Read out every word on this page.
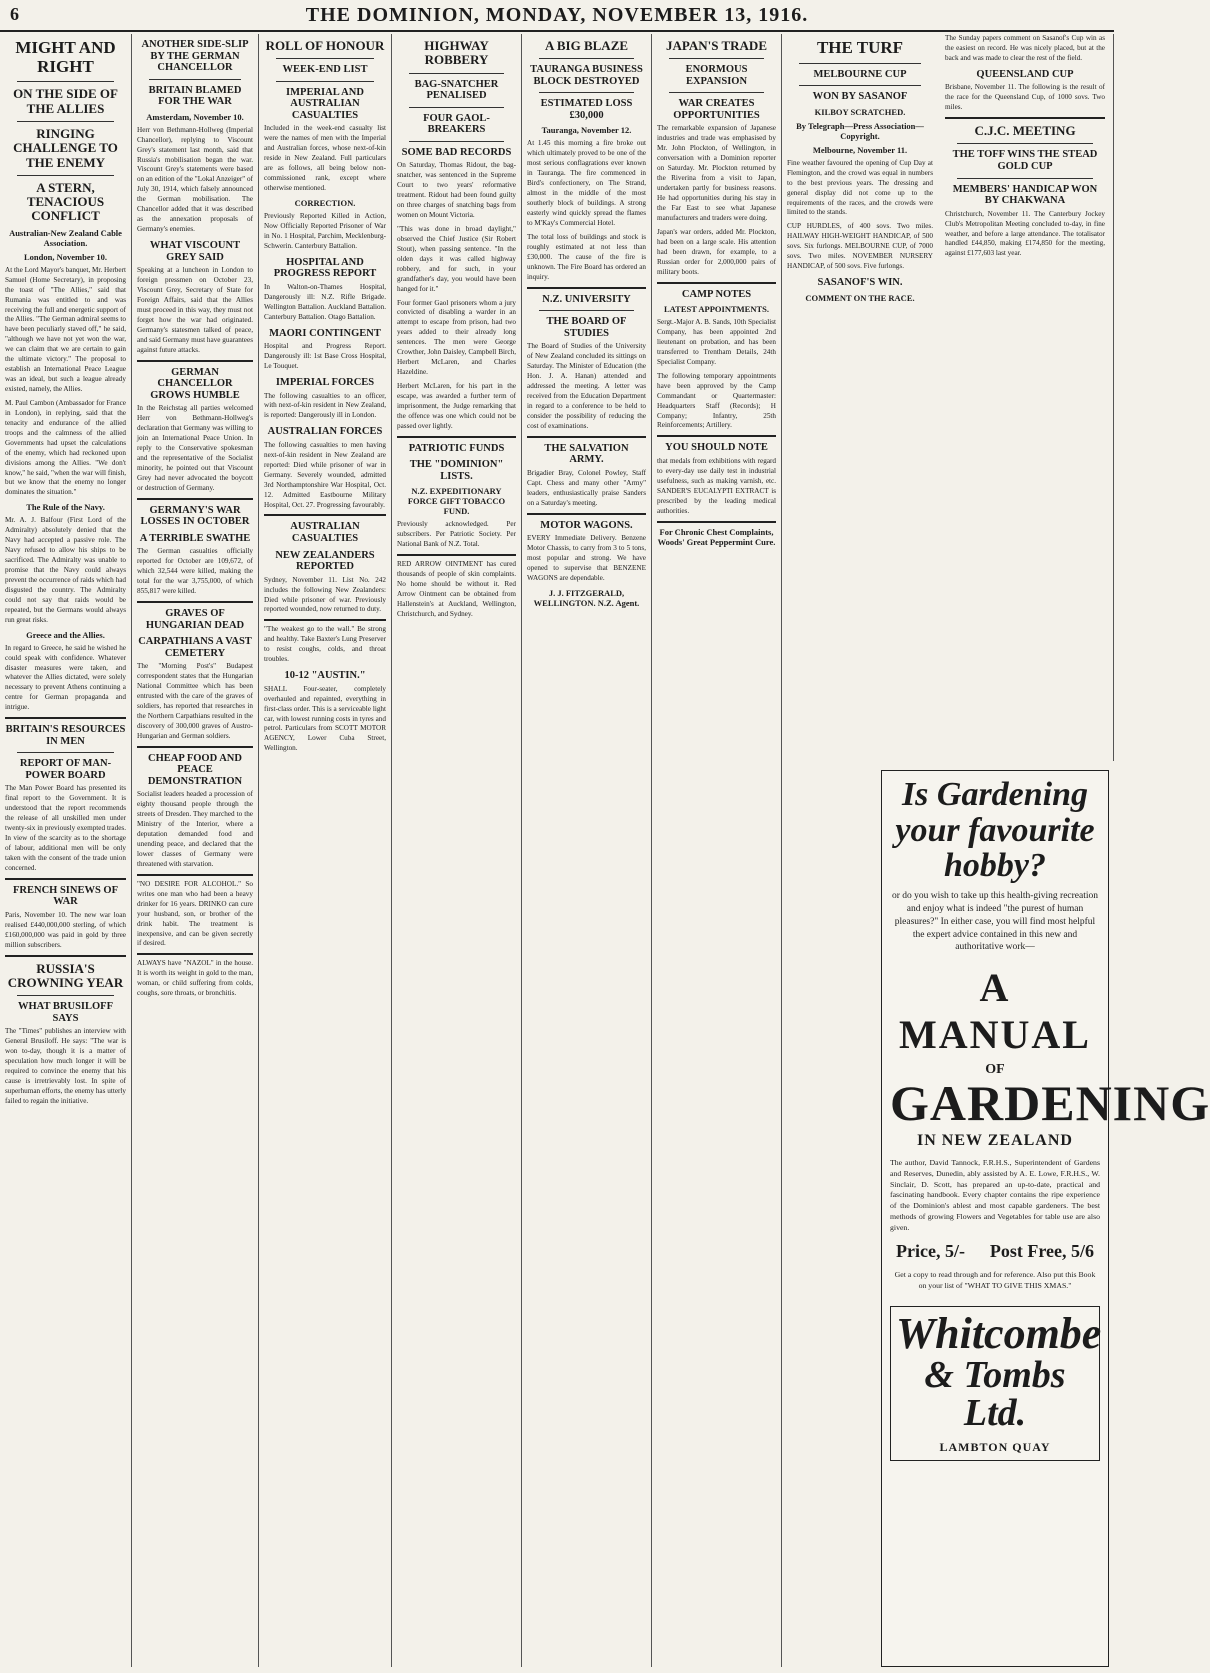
6	THE DOMINION, MONDAY, NOVEMBER 13, 1916.
MIGHT AND RIGHT
ON THE SIDE OF THE ALLIES
RINGING CHALLENGE TO THE ENEMY
A STERN, TENACIOUS CONFLICT
Australian-New Zealand Cable Association.
London, November 10.

At the Lord Mayor's banquet, Mr. Herbert Samuel (Home Secretary), in proposing the toast of "The Allies," said that Rumania was entitled to and was receiving the full and energetic support of the Allies. "The German admiral seems to have been peculiarly staved off," he said, "although we have not yet won the war, we can claim that we are certain to gain the ultimate victory." The proposal to establish an International Peace League was an ideal, but such a league already existed, namely, the Allies.

M. Paul Cambon (Ambassador for France in London), in replying, said that the tenacity and endurance of the allied troops and the calmness of the allied Governments had upset the calculations of the enemy, which had reckoned upon divisions among the Allies. "We don't know," he said, "when the war will finish, but we know that the enemy no longer dominates the situation."

The Rule of the Navy.

Mr. A. J. Balfour (First Lord of the Admiralty) absolutely denied that the Navy had accepted a passive role. The Navy refused to allow his ships to be sacrificed. The Admiralty was unable to promise that the Navy could always prevent the occurrence of raids which had disgusted the country. The Admiralty could not say that raids would be repeated, but the Germans would always run great risks.

Greece and the Allies.

In regard to Greece, he said he wished he could speak with confidence. Whatever disaster measures were taken, and whatever the Allies dictated, were solely necessary to prevent Athens continuing a centre for German propaganda and intrigue.

BRITAIN'S RESOURCES IN MEN
REPORT OF MAN-POWER BOARD

The Man Power Board has presented its final report to the Government. It is understood that the report recommends the release of all unskilled men under twenty-six in previously exempted trades. In view of the scarcity as to the shortage of labour, additional men will be only taken with the consent of the trade union concerned.

FRENCH SINEWS OF WAR

Paris, November 10. The new war loan realised £440,000,000 sterling, of which £160,000,000 was paid in gold by three million subscribers.

RUSSIA'S CROWNING YEAR
WHAT BRUSILOFF SAYS

The "Times" publishes an interview with General Brusiloff. He says: "The war is won to-day, though it is a matter of speculation how much longer it will be required to convince the enemy that his cause is irretrievably lost. In spite of superhuman efforts, the enemy has utterly failed to regain the initiative.

ANOTHER SIDE-SLIP BY THE GERMAN CHANCELLOR
BRITAIN BLAMED FOR THE WAR
Amsterdam, November 10.

Herr von Bethmann-Hollweg (Imperial Chancellor), replying to Viscount Grey's statement last month, said that Russia's mobilisation began the war. Viscount Grey's statements were based on an edition of the "Lokal Anzeiger" of July 30, 1914, which falsely announced the German mobilisation. The Chancellor added that it was described as the annexation proposals of Germany's enemies.

WHAT VISCOUNT GREY SAID

Speaking at a luncheon in London to foreign pressmen on October 23, Viscount Grey, Secretary of State for Foreign Affairs, said that the Allies must proceed in this way, they must not forget how the war had originated. Germany's statesmen talked of peace, and said Germany must have guarantees against future attacks.

GERMAN CHANCELLOR GROWS HUMBLE

In the Reichstag all parties welcomed Herr von Bethmann-Hollweg's declaration that Germany was willing to join an International Peace Union. In reply to the Conservative spokesman and the representative of the Socialist minority, he pointed out that Viscount Grey had never advocated the boycott or destruction of Germany.

GERMANY'S WAR LOSSES IN OCTOBER
A TERRIBLE SWATHE

The German casualties officially reported for October are 109,672, of which 32,544 were killed, making the total for the war 3,755,000, of which 855,817 were killed.

GRAVES OF HUNGARIAN DEAD
CARPATHIANS A VAST CEMETERY

The "Morning Post's" Budapest correspondent states that the Hungarian National Committee which has been entrusted with the care of the graves of soldiers, has reported that researches in the Northern Carpathians resulted in the discovery of 300,000 graves of Austro-Hungarian and German soldiers.

CHEAP FOOD AND PEACE DEMONSTRATION

Socialist leaders headed a procession of eighty thousand people through the streets of Dresden. They marched to the Ministry of the Interior, where a deputation demanded food and unending peace, and declared that the lower classes of Germany were threatened with starvation.

"NO DESIRE FOR ALCOHOL." So writes one man who had been a heavy drinker for 16 years. DRINKO can cure your husband, son, or brother of the drink habit. The treatment is inexpensive, and can be given secretly if desired.

ALWAYS have "NAZOL" in the house. It is worth its weight in gold to the man, woman, or child suffering from colds, coughs, sore throats, or bronchitis.

ROLL OF HONOUR
WEEK-END LIST
IMPERIAL AND AUSTRALIAN CASUALTIES

Included in the week-end casualty list were the names of men with the Imperial and Australian forces, whose next-of-kin reside in New Zealand. Full particulars are as follows, all being below non-commissioned rank, except where otherwise mentioned.

CORRECTION.

Previously Reported Killed in Action, Now Officially Reported Prisoner of War in No. 1 Hospital, Parchim, Mecklenburg-Schwerin. Canterbury Battalion.

HOSPITAL AND PROGRESS REPORT

In Walton-on-Thames Hospital, Dangerously ill: N.Z. Rifle Brigade. Wellington Battalion. Auckland Battalion. Canterbury Battalion. Otago Battalion.

MAORI CONTINGENT

Hospital and Progress Report. Dangerously ill: 1st Base Cross Hospital, Le Touquet.

IMPERIAL FORCES

The following casualties to an officer, with next-of-kin resident in New Zealand, is reported: Dangerously ill in London.

AUSTRALIAN FORCES

The following casualties to men having next-of-kin resident in New Zealand are reported: Died while prisoner of war in Germany. Severely wounded, admitted 3rd Northamptonshire War Hospital, Oct. 12. Admitted Eastbourne Military Hospital, Oct. 27. Progressing favourably.

AUSTRALIAN CASUALTIES
NEW ZEALANDERS REPORTED

Sydney, November 11. List No. 242 includes the following New Zealanders: Died while prisoner of war. Previously reported wounded, now returned to duty.

"The weakest go to the wall." Be strong and healthy. Take Baxter's Lung Preserver to resist coughs, colds, and throat troubles.

10-12 "AUSTIN."

SHALL Four-seater, completely overhauled and repainted, everything in first-class order. This is a serviceable light car, with lowest running costs in tyres and petrol. Particulars from SCOTT MOTOR AGENCY, Lower Cuba Street, Wellington.

HIGHWAY ROBBERY
BAG-SNATCHER PENALISED
FOUR GAOL-BREAKERS
SOME BAD RECORDS

On Saturday, Thomas Ridout, the bag-snatcher, was sentenced in the Supreme Court to two years' reformative treatment. Ridout had been found guilty on three charges of snatching bags from women on Mount Victoria.

"This was done in broad daylight," observed the Chief Justice (Sir Robert Stout), when passing sentence. "In the olden days it was called highway robbery, and for such, in your grandfather's day, you would have been hanged for it."

Four former Gaol prisoners whom a jury convicted of disabling a warder in an attempt to escape from prison, had two years added to their already long sentences. The men were George Crowther, John Daisley, Campbell Birch, Herbert McLaren, and Charles Hazeldine.

Herbert McLaren, for his part in the escape, was awarded a further term of imprisonment, the Judge remarking that the offence was one which could not be passed over lightly.

PATRIOTIC FUNDS
THE "DOMINION" LISTS.
N.Z. EXPEDITIONARY FORCE GIFT TOBACCO FUND.

Previously acknowledged. Per subscribers. Per Patriotic Society. Per National Bank of N.Z. Total.

RED ARROW OINTMENT has cured thousands of people of skin complaints. No home should be without it. Red Arrow Ointment can be obtained from Hallenstein's at Auckland, Wellington, Christchurch, and Sydney.

A BIG BLAZE
TAURANGA BUSINESS BLOCK DESTROYED
ESTIMATED LOSS £30,000
Tauranga, November 12.

At 1.45 this morning a fire broke out which ultimately proved to be one of the most serious conflagrations ever known in Tauranga. The fire commenced in Bird's confectionery, on The Strand, almost in the middle of the most southerly block of buildings. A strong easterly wind quickly spread the flames to M'Kay's Commercial Hotel.

The total loss of buildings and stock is roughly estimated at not less than £30,000. The cause of the fire is unknown. The Fire Board has ordered an inquiry.

N.Z. UNIVERSITY
THE BOARD OF STUDIES

The Board of Studies of the University of New Zealand concluded its sittings on Saturday. The Minister of Education (the Hon. J. A. Hanan) attended and addressed the meeting. A letter was received from the Education Department in regard to a conference to be held to consider the possibility of reducing the cost of examinations.

THE SALVATION ARMY.

Brigadier Bray, Colonel Powley, Staff Capt. Chess and many other "Army" leaders, enthusiastically praise Sanders on a Saturday's meeting.

MOTOR WAGONS.

EVERY Immediate Delivery. Benzene Motor Chassis, to carry from 3 to 5 tons, most popular and strong. We have opened to supervise that BENZENE WAGONS are dependable.

J. J. FITZGERALD, WELLINGTON. N.Z. Agent.
JAPAN'S TRADE
ENORMOUS EXPANSION
WAR CREATES OPPORTUNITIES

The remarkable expansion of Japanese industries and trade was emphasised by Mr. John Plockton, of Wellington, in conversation with a Dominion reporter on Saturday. Mr. Plockton returned by the Riverina from a visit to Japan, undertaken partly for business reasons. He had opportunities during his stay in the Far East to see what Japanese manufacturers and traders were doing.

Japan's war orders, added Mr. Plockton, had been on a large scale. His attention had been drawn, for example, to a Russian order for 2,000,000 pairs of military boots.

CAMP NOTES
LATEST APPOINTMENTS.

Sergt.-Major A. B. Sands, 10th Specialist Company, has been appointed 2nd lieutenant on probation, and has been transferred to Trentham Details, 24th Specialist Company.

The following temporary appointments have been approved by the Camp Commandant or Quartermaster: Headquarters Staff (Records); H Company; Infantry, 25th Reinforcements; Artillery.

YOU SHOULD NOTE

that medals from exhibitions with regard to every-day use daily test in industrial usefulness, such as making varnish, etc. SANDER'S EUCALYPTI EXTRACT is prescribed by the leading medical authorities.

For Chronic Chest Complaints, Woods' Great Peppermint Cure.
THE TURF
MELBOURNE CUP
WON BY SASANOF
KILBOY SCRATCHED.
By Telegraph—Press Association—Copyright.
Melbourne, November 11.

Fine weather favoured the opening of Cup Day at Flemington, and the crowd was equal in numbers to the best previous years. The dressing and general display did not come up to the requirements of the races, and the crowds were limited to the stands.

CUP HURDLES, of 400 sovs. Two miles. HAILWAY HIGH-WEIGHT HANDICAP, of 500 sovs. Six furlongs. MELBOURNE CUP, of 7000 sovs. Two miles. NOVEMBER NURSERY HANDICAP, of 500 sovs. Five furlongs.

SASANOF'S WIN.
COMMENT ON THE RACE.

The Sunday papers comment on Sasanof's Cup win as the easiest on record. He was nicely placed, but at the back and was made to clear the rest of the field.

QUEENSLAND CUP

Brisbane, November 11. The following is the result of the race for the Queensland Cup, of 1000 sovs. Two miles.

C.J.C. MEETING
THE TOFF WINS THE STEAD GOLD CUP
MEMBERS' HANDICAP WON BY CHAKWANA

Christchurch, November 11. The Canterbury Jockey Club's Metropolitan Meeting concluded to-day, in fine weather, and before a large attendance. The totalisator handled £44,850, making £174,850 for the meeting, against £177,603 last year.

Is Gardening your favourite hobby?
or do you wish to take up this health-giving recreation and enjoy what is indeed "the purest of human pleasures?" In either case, you will find most helpful the expert advice contained in this new and authoritative work—
A MANUAL
OF
GARDENING
IN NEW ZEALAND

The author, David Tannock, F.R.H.S., Superintendent of Gardens and Reserves, Dunedin, ably assisted by A. E. Lowe, F.R.H.S., W. Sinclair, D. Scott, has prepared an up-to-date, practical and fascinating handbook. Every chapter contains the ripe experience of the Dominion's ablest and most capable gardeners. The best methods of growing Flowers and Vegetables for table use are also given.

Price, 5/- Post Free, 5/6

Get a copy to read through and for reference. Also put this Book on your list of "WHAT TO GIVE THIS XMAS."

Whitcombe
& Tombs Ltd.
LAMBTON QUAY
